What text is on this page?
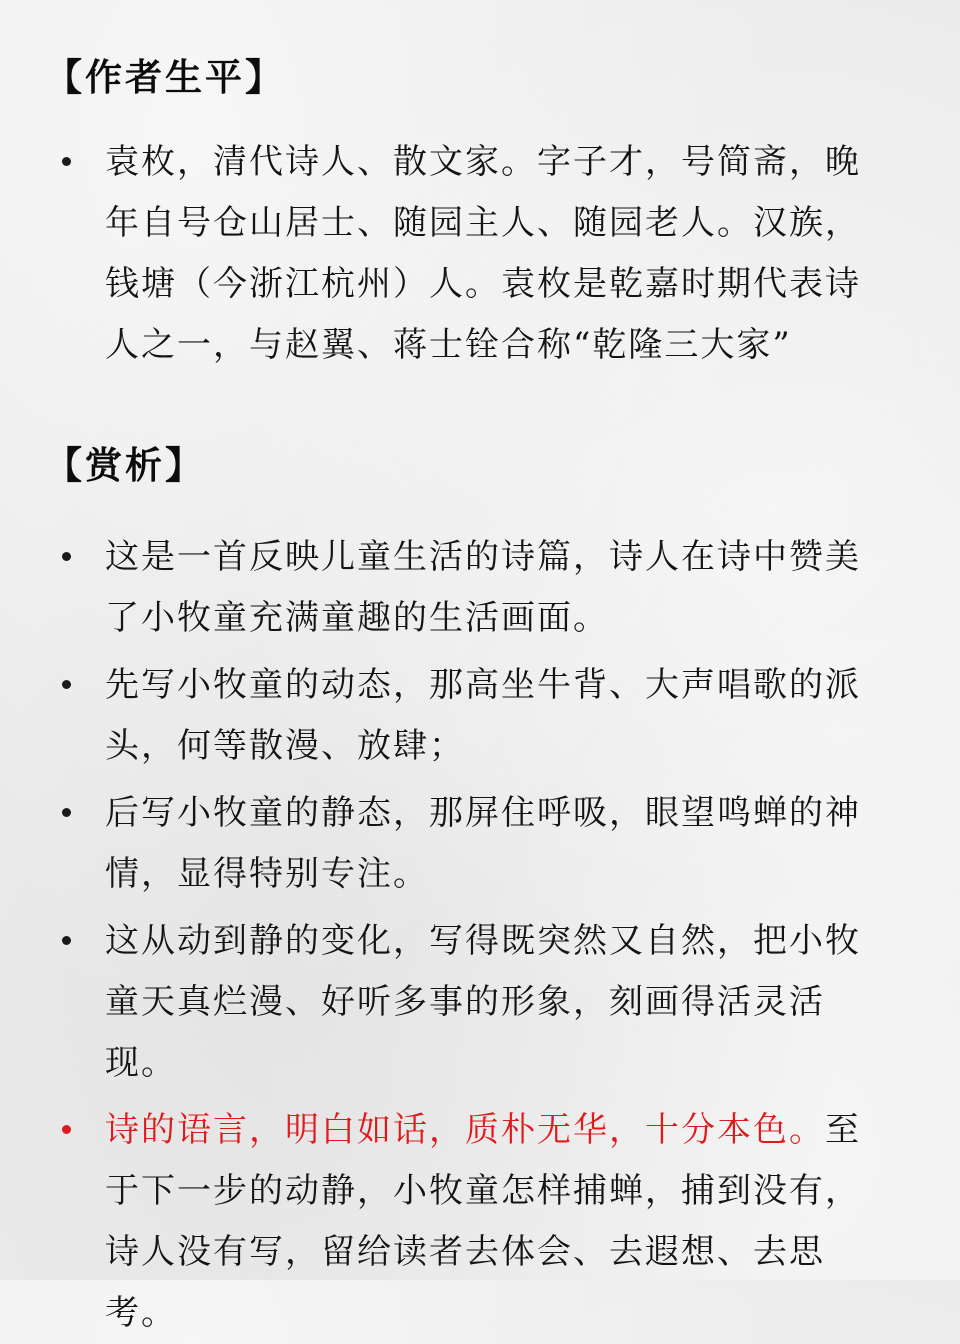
【作者生平】
袁枚，清代诗人、散文家。字子才，号简斋，晚年自号仓山居士、随园主人、随园老人。汉族，钱塘（今浙江杭州）人。袁枚是乾嘉时期代表诗人之一，与赵翼、蒋士铨合称“乾隆三大家”
【赏析】
这是一首反映儿童生活的诗篇，诗人在诗中赞美了小牧童充满童趣的生活画面。
先写小牧童的动态，那高坐牛背、大声唱歌的派头，何等散漫、放肆；
后写小牧童的静态，那屏住呼吸，眼望鸣蝉的神情，显得特别专注。
这从动到静的变化，写得既突然又自然，把小牧童天真烂漫、好听多事的形象，刻画得活灵活现。
诗的语言，明白如话，质朴无华，十分本色。至于下一步的动静，小牧童怎样捕蝉，捕到没有，诗人没有写，留给读者去体会、去遐想、去思考。
